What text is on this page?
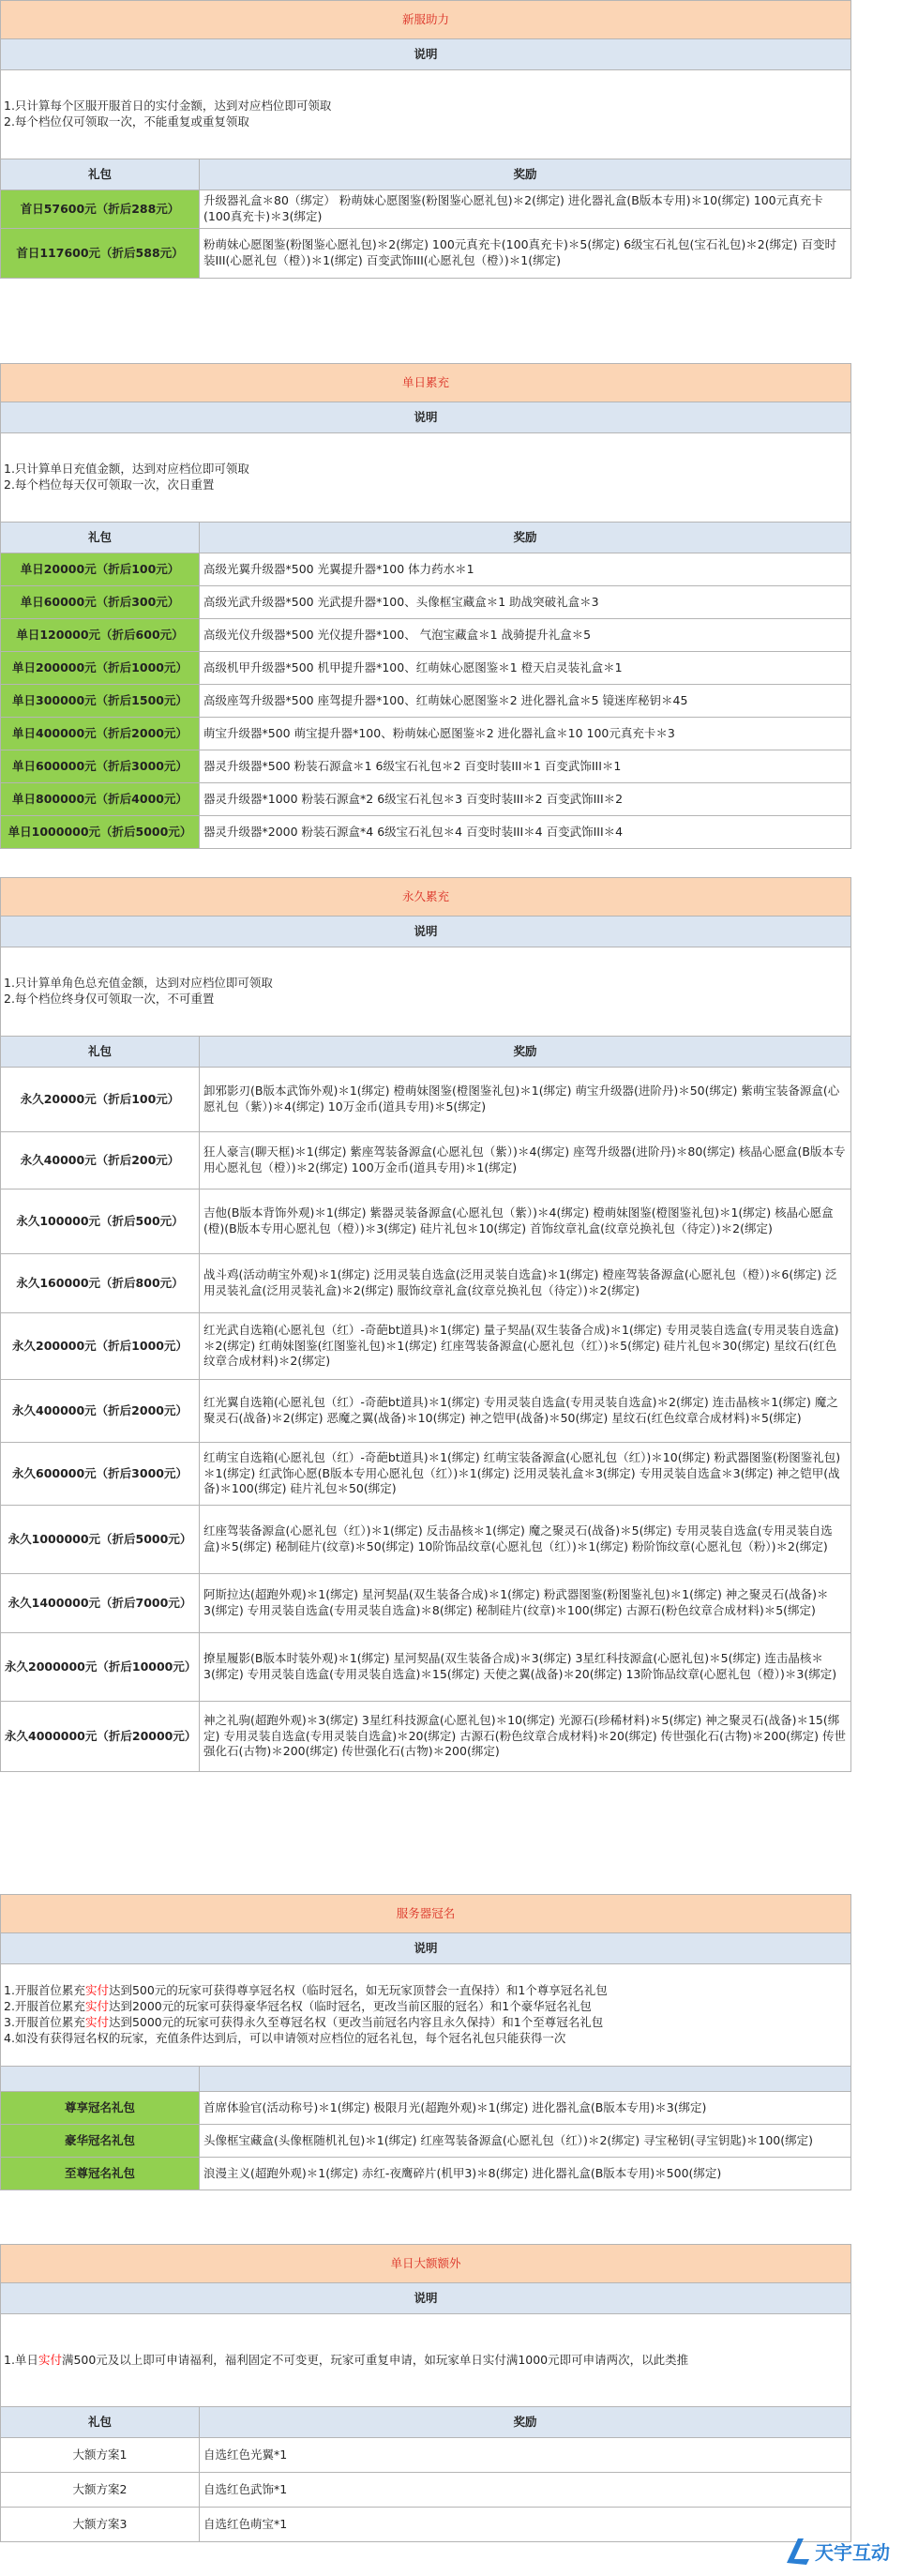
新服助力	
说明	

1.只计算每个区服开服首日的实付金额，达到对应档位即可领取
2.每个档位仅可领取一次，不能重复或重复领取	

礼包	奖励
首日57600元（折后288元）	升级器礼盒＊80（绑定） 粉萌妹心愿图鉴(粉图鉴心愿礼包)＊2(绑定) 进化器礼盒(B版本专用)＊10(绑定) 100元真充卡(100真充卡)＊3(绑定)
首日117600元（折后588元）	粉萌妹心愿图鉴(粉图鉴心愿礼包)＊2(绑定) 100元真充卡(100真充卡)＊5(绑定) 6级宝石礼包(宝石礼包)＊2(绑定) 百变时装III(心愿礼包（橙）)＊1(绑定) 百变武饰III(心愿礼包（橙）)＊1(绑定)
单日累充	
说明	

1.只计算单日充值金额，达到对应档位即可领取
2.每个档位每天仅可领取一次，次日重置	

礼包	奖励
单日20000元（折后100元）	高级光翼升级器*500 光翼提升器*100 体力药水＊1
单日60000元（折后300元）	高级光武升级器*500 光武提升器*100、头像框宝藏盒＊1 助战突破礼盒＊3
单日120000元（折后600元）	高级光仪升级器*500 光仪提升器*100、 气泡宝藏盒＊1 战骑提升礼盒＊5
单日200000元（折后1000元）	高级机甲升级器*500 机甲提升器*100、红萌妹心愿图鉴＊1 橙天启灵装礼盒＊1
单日300000元（折后1500元）	高级座驾升级器*500 座驾提升器*100、红萌妹心愿图鉴＊2 进化器礼盒＊5 镜迷库秘钥＊45
单日400000元（折后2000元）	萌宝升级器*500 萌宝提升器*100、粉萌妹心愿图鉴＊2 进化器礼盒＊10 100元真充卡＊3
单日600000元（折后3000元）	器灵升级器*500 粉装石源盒＊1 6级宝石礼包＊2 百变时装III＊1 百变武饰III＊1
单日800000元（折后4000元）	器灵升级器*1000 粉装石源盒*2 6级宝石礼包＊3 百变时装III＊2 百变武饰III＊2
单日1000000元（折后5000元）	器灵升级器*2000 粉装石源盒*4 6级宝石礼包＊4 百变时装III＊4 百变武饰III＊4
永久累充	
说明	

1.只计算单角色总充值金额，达到对应档位即可领取
2.每个档位终身仅可领取一次，不可重置	

礼包	奖励
永久20000元（折后100元）	卸邪影刃(B版本武饰外观)＊1(绑定) 橙萌妹图鉴(橙图鉴礼包)＊1(绑定) 萌宝升级器(进阶丹)＊50(绑定) 紫萌宝装备源盒(心愿礼包（紫）)＊4(绑定) 10万金币(道具专用)＊5(绑定)
永久40000元（折后200元）	狂人豪言(聊天框)＊1(绑定) 紫座驾装备源盒(心愿礼包（紫）)＊4(绑定) 座驾升级器(进阶丹)＊80(绑定) 核晶心愿盒(B版本专用心愿礼包（橙）)＊2(绑定) 100万金币(道具专用)＊1(绑定)
永久100000元（折后500元）	吉他(B版本背饰外观)＊1(绑定) 紫器灵装备源盒(心愿礼包（紫）)＊4(绑定) 橙萌妹图鉴(橙图鉴礼包)＊1(绑定) 核晶心愿盒(橙)(B版本专用心愿礼包（橙）)＊3(绑定) 硅片礼包＊10(绑定) 首饰纹章礼盒(纹章兑换礼包（待定）)＊2(绑定)
永久160000元（折后800元）	战斗鸡(活动萌宝外观)＊1(绑定) 泛用灵装自选盒(泛用灵装自选盒)＊1(绑定) 橙座驾装备源盒(心愿礼包（橙）)＊6(绑定) 泛用灵装礼盒(泛用灵装礼盒)＊2(绑定) 服饰纹章礼盒(纹章兑换礼包（待定）)＊2(绑定)
永久200000元（折后1000元）	红光武自选箱(心愿礼包（红）-奇葩bt道具)＊1(绑定) 量子契晶(双生装备合成)＊1(绑定) 专用灵装自选盒(专用灵装自选盒)＊2(绑定) 红萌妹图鉴(红图鉴礼包)＊1(绑定) 红座驾装备源盒(心愿礼包（红）)＊5(绑定) 硅片礼包＊30(绑定) 星纹石(红色纹章合成材料)＊2(绑定)
永久400000元（折后2000元）	红光翼自选箱(心愿礼包（红）-奇葩bt道具)＊1(绑定) 专用灵装自选盒(专用灵装自选盒)＊2(绑定) 连击晶核＊1(绑定) 魔之聚灵石(战备)＊2(绑定) 恶魔之翼(战备)＊10(绑定) 神之铠甲(战备)＊50(绑定) 星纹石(红色纹章合成材料)＊5(绑定)
永久600000元（折后3000元）	红萌宝自选箱(心愿礼包（红）-奇葩bt道具)＊1(绑定) 红萌宝装备源盒(心愿礼包（红）)＊10(绑定) 粉武器图鉴(粉图鉴礼包)＊1(绑定) 红武饰心愿(B版本专用心愿礼包（红）)＊1(绑定) 泛用灵装礼盒＊3(绑定) 专用灵装自选盒＊3(绑定) 神之铠甲(战备)＊100(绑定) 硅片礼包＊50(绑定)
永久1000000元（折后5000元）	红座驾装备源盒(心愿礼包（红）)＊1(绑定) 反击晶核＊1(绑定) 魔之聚灵石(战备)＊5(绑定) 专用灵装自选盒(专用灵装自选盒)＊5(绑定) 秘制硅片(纹章)＊50(绑定) 10阶饰品纹章(心愿礼包（红）)＊1(绑定) 粉阶饰纹章(心愿礼包（粉）)＊2(绑定)
永久1400000元（折后7000元）	阿斯拉达(超跑外观)＊1(绑定) 星河契晶(双生装备合成)＊1(绑定) 粉武器图鉴(粉图鉴礼包)＊1(绑定) 神之聚灵石(战备)＊3(绑定) 专用灵装自选盒(专用灵装自选盒)＊8(绑定) 秘制硅片(纹章)＊100(绑定) 古源石(粉色纹章合成材料)＊5(绑定)
永久2000000元（折后10000元）	撩星履影(B版本时装外观)＊1(绑定) 星河契晶(双生装备合成)＊3(绑定) 3星红科技源盒(心愿礼包)＊5(绑定) 连击晶核＊3(绑定) 专用灵装自选盒(专用灵装自选盒)＊15(绑定) 天使之翼(战备)＊20(绑定) 13阶饰品纹章(心愿礼包（橙）)＊3(绑定)
永久4000000元（折后20000元）	神之礼驹(超跑外观)＊3(绑定) 3星红科技源盒(心愿礼包)＊10(绑定) 光源石(珍稀材料)＊5(绑定) 神之聚灵石(战备)＊15(绑定) 专用灵装自选盒(专用灵装自选盒)＊20(绑定) 古源石(粉色纹章合成材料)＊20(绑定) 传世强化石(古物)＊200(绑定) 传世强化石(古物)＊200(绑定) 传世强化石(古物)＊200(绑定)
服务器冠名	
说明	

1.开服首位累充实付达到500元的玩家可获得尊享冠名权（临时冠名，如无玩家顶替会一直保持）和1个尊享冠名礼包
2.开服首位累充实付达到2000元的玩家可获得豪华冠名权（临时冠名，更改当前区服的冠名）和1个豪华冠名礼包
3.开服首位累充实付达到5000元的玩家可获得永久至尊冠名权（更改当前冠名内容且永久保持）和1个至尊冠名礼包
4.如没有获得冠名权的玩家，充值条件达到后，可以申请领对应档位的冠名礼包，每个冠名礼包只能获得一次	

尊享冠名礼包	首席体验官(活动称号)＊1(绑定) 极限月光(超跑外观)＊1(绑定) 进化器礼盒(B版本专用)＊3(绑定)
豪华冠名礼包	头像框宝藏盒(头像框随机礼包)＊1(绑定) 红座驾装备源盒(心愿礼包（红）)＊2(绑定) 寻宝秘钥(寻宝钥匙)＊100(绑定)
至尊冠名礼包	浪漫主义(超跑外观)＊1(绑定) 赤红-夜鹰碎片(机甲3)＊8(绑定) 进化器礼盒(B版本专用)＊500(绑定)
单日大额额外	
说明	

1.单日实付满500元及以上即可申请福利，福利固定不可变更，玩家可重复申请，如玩家单日实付满1000元即可申请两次，以此类推	

礼包	奖励
大额方案1	自选红色光翼*1
大额方案2	自选红色武饰*1
大额方案3	自选红色萌宝*1
天宇互动
